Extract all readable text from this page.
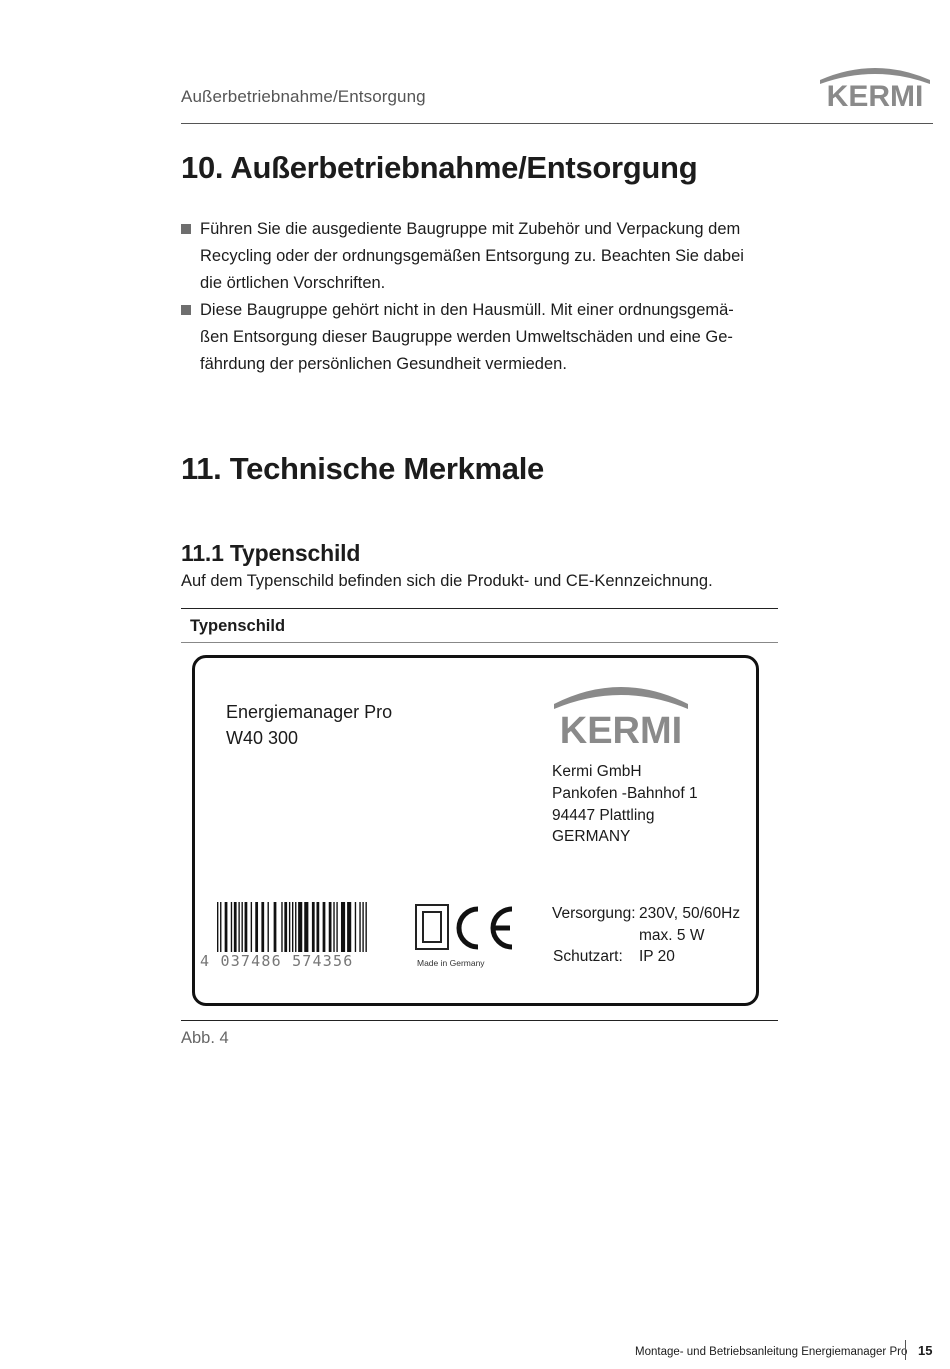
Außerbetriebnahme/Entsorgung	KERMI
10. Außerbetriebnahme/Entsorgung
Führen Sie die ausgediente Baugruppe mit Zubehör und Verpackung dem
Recycling oder der ordnungsgemäßen Entsorgung zu. Beachten Sie dabei
die örtlichen Vorschriften.
Diese Baugruppe gehört nicht in den Hausmüll. Mit einer ordnungsgemä-
ßen Entsorgung dieser Baugruppe werden Umweltschäden und eine Ge-
fährdung der persönlichen Gesundheit vermieden.
11. Technische Merkmale
11.1 Typenschild
Auf dem Typenschild befinden sich die Produkt- und CE-Kennzeichnung.
Typenschild
Energiemanager Pro
W40 300	KERMI
Kermi GmbH
Pankofen -Bahnhof 1
94447 Plattling
GERMANY
4 037486 574356	Made in Germany
Versorgung: 230V, 50/60Hz
max. 5 W
Schutzart: IP 20
Abb. 4
Montage- und Betriebsanleitung Energiemanager Pro 15
